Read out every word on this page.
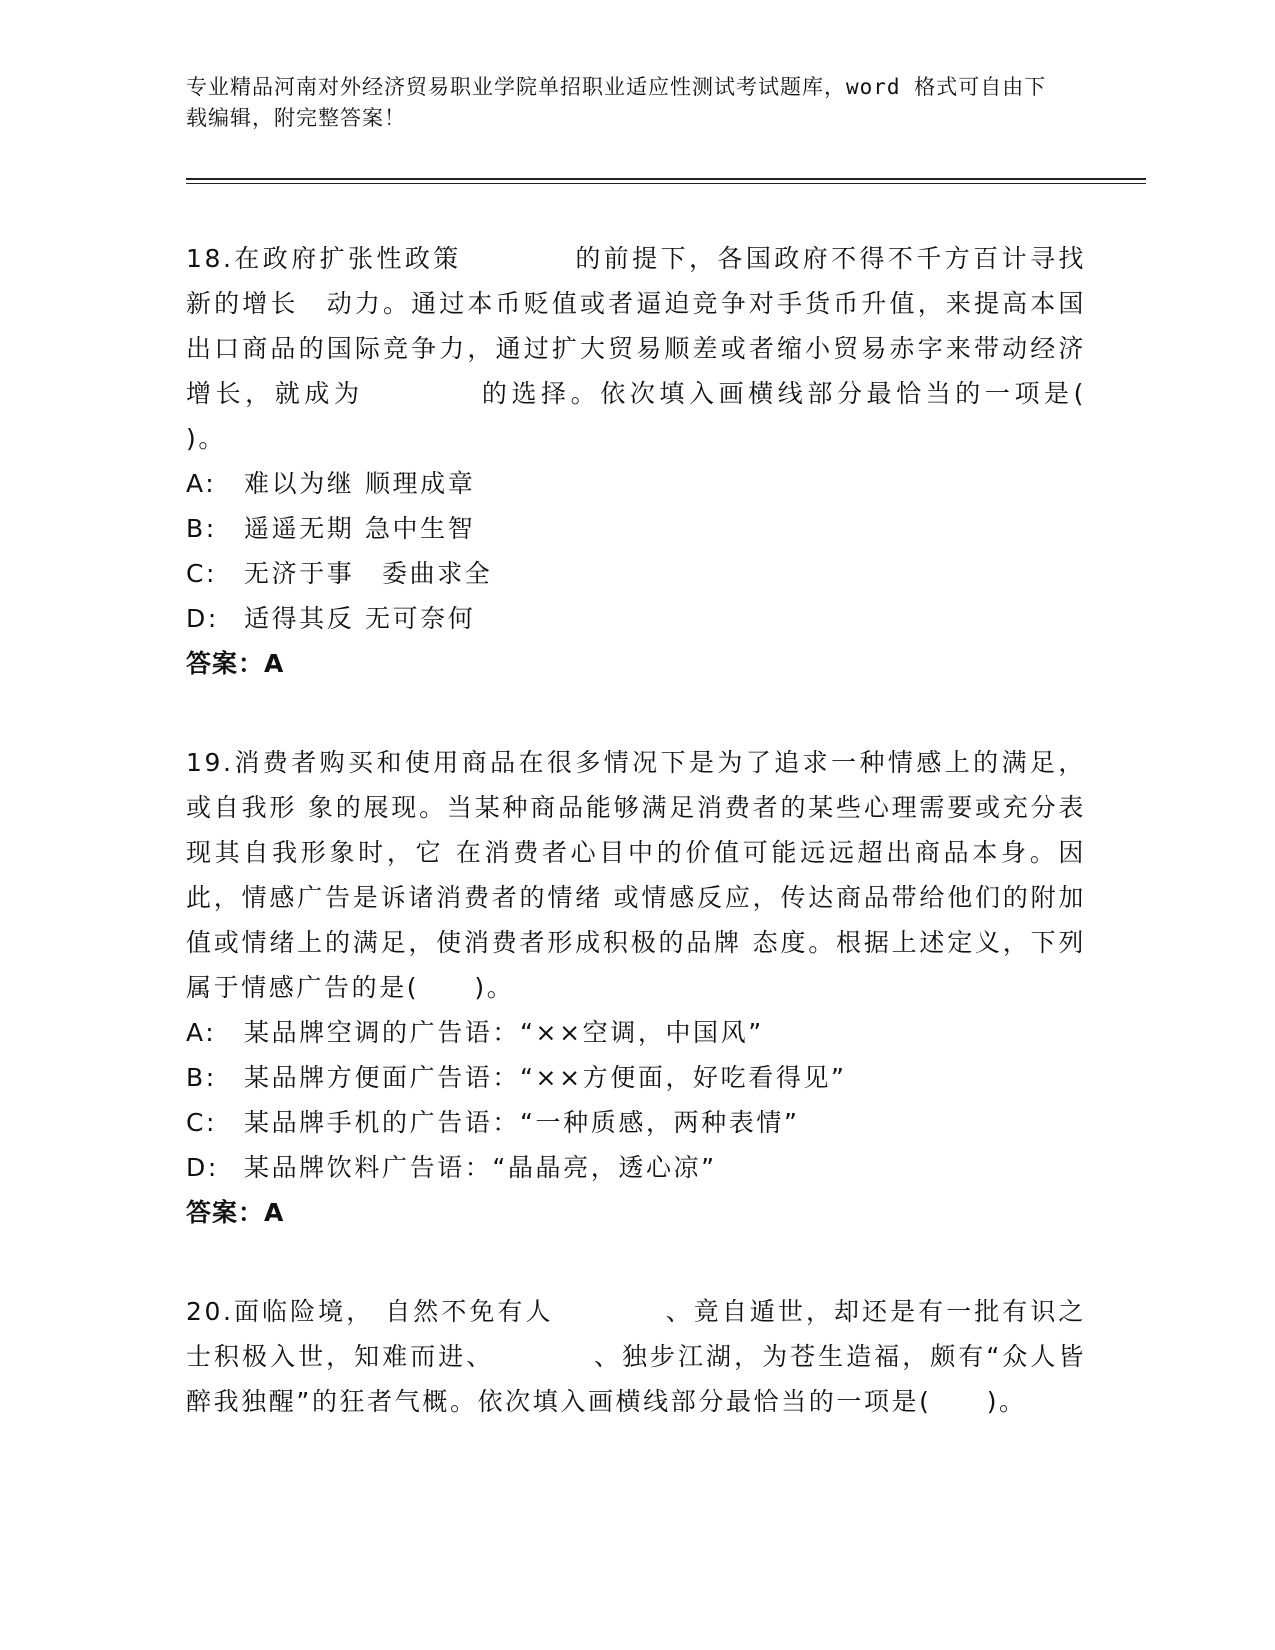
专业精品河南对外经济贸易职业学院单招职业适应性测试考试题库，word 格式可自由下载编辑，附完整答案！
18.在政府扩张性政策　　　　的前提下，各国政府不得不千方百计寻找新的增长　动力。通过本币贬值或者逼迫竞争对手货币升值，来提高本国出口商品的国际竞争力，通过扩大贸易顺差或者缩小贸易赤字来带动经济增长，就成为　　　　的选择。依次填入画横线部分最恰当的一项是(　　)。
A: 难以为继 顺理成章
B: 遥遥无期 急中生智
C: 无济于事　委曲求全
D: 适得其反 无可奈何
答案：A
19.消费者购买和使用商品在很多情况下是为了追求一种情感上的满足，或自我形 象的展现。当某种商品能够满足消费者的某些心理需要或充分表现其自我形象时，它 在消费者心目中的价值可能远远超出商品本身。因此，情感广告是诉诸消费者的情绪 或情感反应，传达商品带给他们的附加值或情绪上的满足，使消费者形成积极的品牌 态度。根据上述定义，下列属于情感广告的是(　　)。
A: 某品牌空调的广告语：“××空调，中国风”
B: 某品牌方便面广告语：“××方便面，好吃看得见”
C: 某品牌手机的广告语：“一种质感，两种表情”
D: 某品牌饮料广告语：“晶晶亮，透心凉”
答案：A
20.面临险境， 自然不免有人　　　　、竟自遁世，却还是有一批有识之士积极入世，知难而进、　　　　、独步江湖，为苍生造福，颇有“众人皆醉我独醒”的狂者气概。依次填入画横线部分最恰当的一项是(　　)。
